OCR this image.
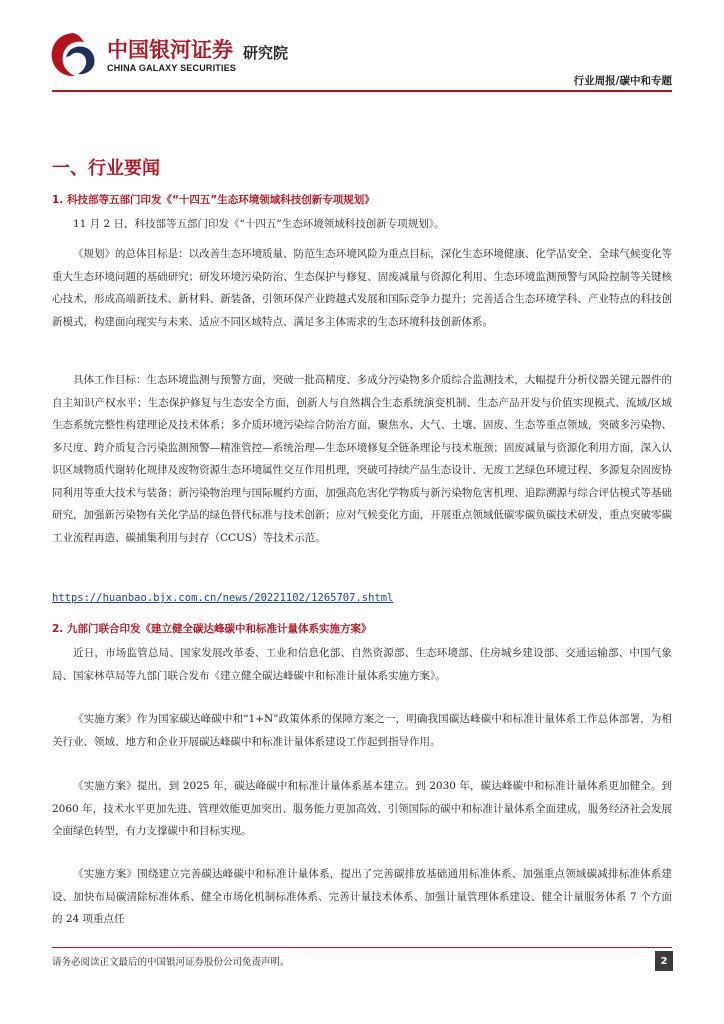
中国银河证券
CHINA GALAXY SECURITIES
研究院
行业周报/碳中和专题
一、行业要闻
1. 科技部等五部门印发《“十四五”生态环境领域科技创新专项规划》
11 月 2 日，科技部等五部门印发《“十四五”生态环境领域科技创新专项规划》。
《规划》的总体目标是：以改善生态环境质量、防范生态环境风险为重点目标，深化生态环境健康、化学品安全、全球气候变化等重大生态环境问题的基础研究；研发环境污染防治、生态保护与修复、固废减量与资源化利用、生态环境监测预警与风险控制等关键核心技术，形成高端新技术、新材料、新装备，引领环保产业跨越式发展和国际竞争力提升；完善适合生态环境学科、产业特点的科技创新模式，构建面向现实与未来、适应不同区域特点、满足多主体需求的生态环境科技创新体系。
具体工作目标：生态环境监测与预警方面，突破一批高精度、多成分污染物多介质综合监测技术，大幅提升分析仪器关键元器件的自主知识产权水平；生态保护修复与生态安全方面，创新人与自然耦合生态系统演变机制、生态产品开发与价值实现模式、流域/区域生态系统完整性构建理论及技术体系；多介质环境污染综合防治方面，聚焦水、大气、土壤、固废、生态等重点领域，突破多污染物、多尺度、跨介质复合污染监测预警—精准管控—系统治理—生态环境修复全链条理论与技术瓶颈；固废减量与资源化利用方面，深入认识区域物质代谢转化规律及废物资源生态环境属性交互作用机理，突破可持续产品生态设计、无废工艺绿色环境过程、多源复杂固废协同利用等重大技术与装备；新污染物治理与国际履约方面，加强高危害化学物质与新污染物危害机理、追踪溯源与综合评估模式等基础研究，加强新污染物有关化学品的绿色替代标准与技术创新；应对气候变化方面，开展重点领域低碳零碳负碳技术研发，重点突破零碳工业流程再造、碳捕集利用与封存（CCUS）等技术示范。
https://huanbao.bjx.com.cn/news/20221102/1265707.shtml
2. 九部门联合印发《建立健全碳达峰碳中和标准计量体系实施方案》
近日，市场监管总局、国家发展改革委、工业和信息化部、自然资源部、生态环境部、住房城乡建设部、交通运输部、中国气象局、国家林草局等九部门联合发布《建立健全碳达峰碳中和标准计量体系实施方案》。
《实施方案》作为国家碳达峰碳中和“1+N”政策体系的保障方案之一，明确我国碳达峰碳中和标准计量体系工作总体部署，为相关行业、领域、地方和企业开展碳达峰碳中和标准计量体系建设工作起到指导作用。
《实施方案》提出，到 2025 年，碳达峰碳中和标准计量体系基本建立。到 2030 年，碳达峰碳中和标准计量体系更加健全。到 2060 年，技术水平更加先进、管理效能更加突出、服务能力更加高效、引领国际的碳中和标准计量体系全面建成，服务经济社会发展全面绿色转型，有力支撑碳中和目标实现。
《实施方案》围绕建立完善碳达峰碳中和标准计量体系，提出了完善碳排放基础通用标准体系、加强重点领域碳减排标准体系建设、加快布局碳清除标准体系、健全市场化机制标准体系、完善计量技术体系、加强计量管理体系建设、健全计量服务体系 7 个方面的 24 项重点任
请务必阅读正文最后的中国银河证券股份公司免责声明。	2
